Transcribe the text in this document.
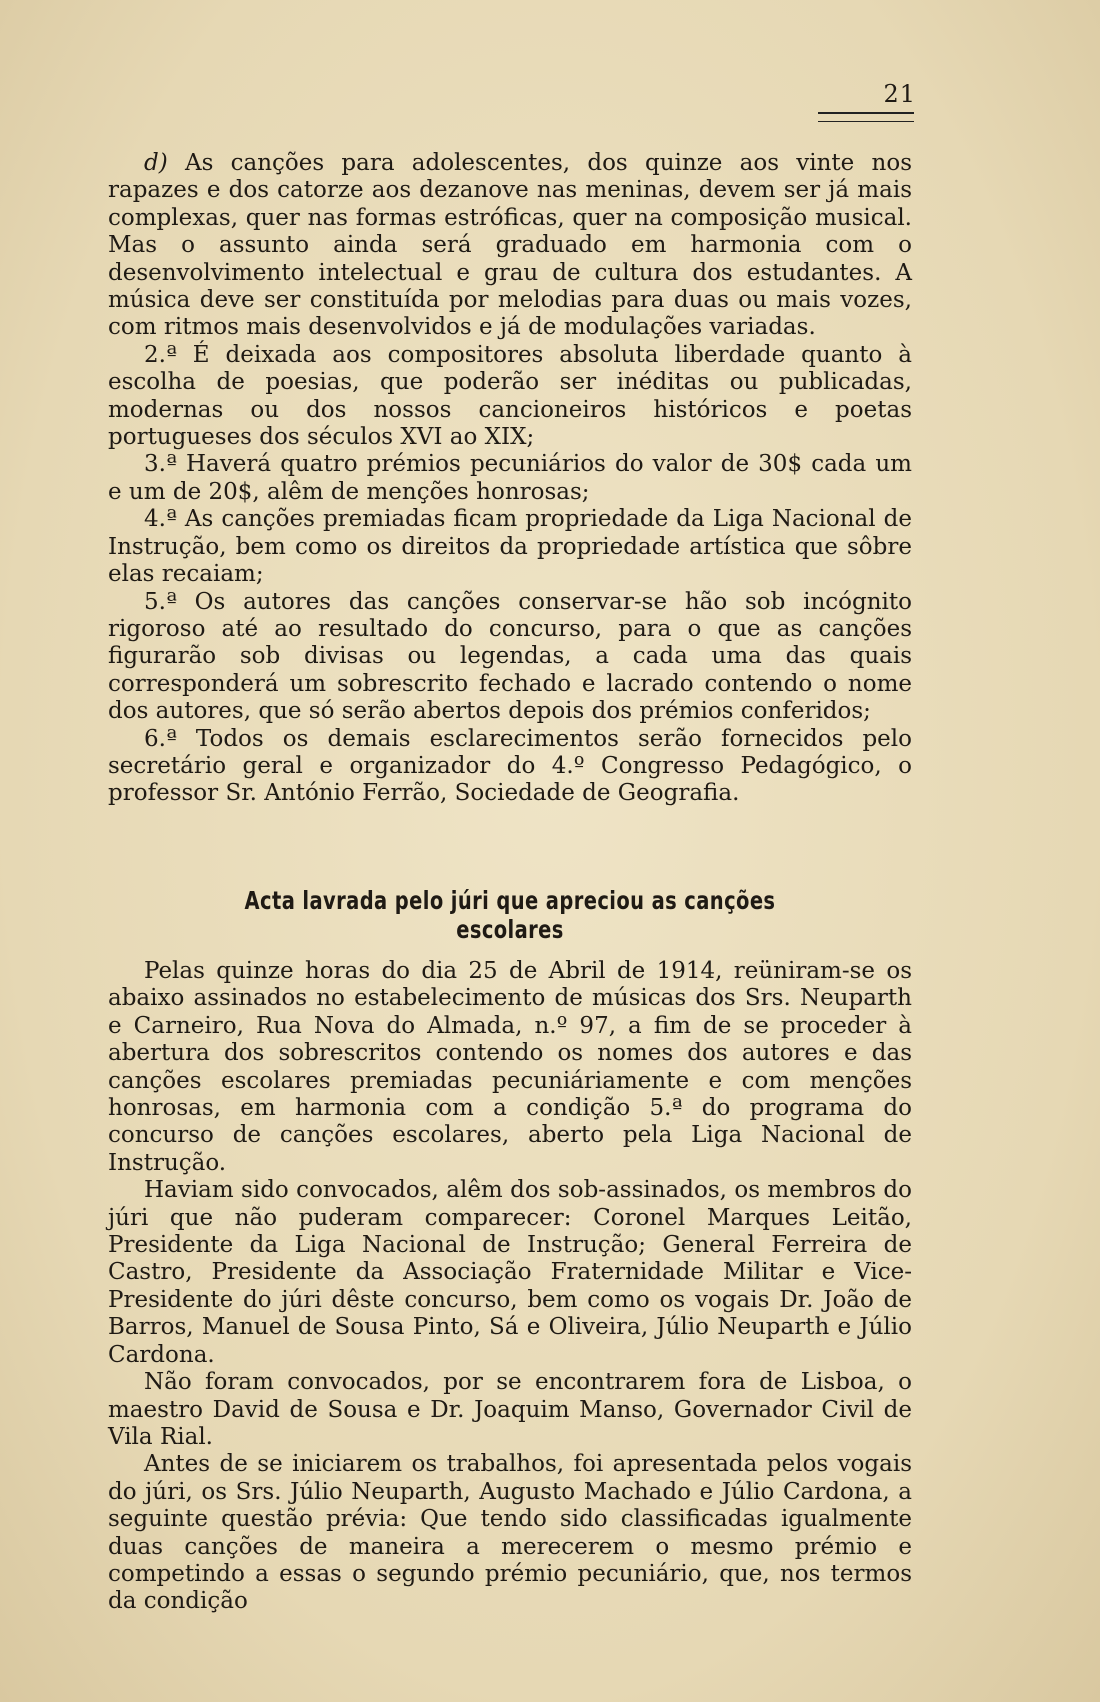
21

d) As canções para adolescentes, dos quinze aos vinte nos rapazes e dos catorze aos dezanove nas meninas, devem ser já mais complexas, quer nas formas estróficas, quer na composição musical. Mas o assunto ainda será graduado em harmonia com o desenvolvimento intelectual e grau de cultura dos estudantes. A música deve ser constituída por melodias para duas ou mais vozes, com ritmos mais desenvolvidos e já de modulações variadas.

2.ª É deixada aos compositores absoluta liberdade quanto à escolha de poesias, que poderão ser inéditas ou publicadas, modernas ou dos nossos cancioneiros históricos e poetas portugueses dos séculos XVI ao XIX;

3.ª Haverá quatro prémios pecuniários do valor de 30$ cada um e um de 20$, alêm de menções honrosas;

4.ª As canções premiadas ficam propriedade da Liga Nacional de Instrução, bem como os direitos da propriedade artística que sôbre elas recaiam;

5.ª Os autores das canções conservar-se hão sob incógnito rigoroso até ao resultado do concurso, para o que as canções figurarão sob divisas ou legendas, a cada uma das quais corresponderá um sobrescrito fechado e lacrado contendo o nome dos autores, que só serão abertos depois dos prémios conferidos;

6.ª Todos os demais esclarecimentos serão fornecidos pelo secretário geral e organizador do 4.º Congresso Pedagógico, o professor Sr. António Ferrão, Sociedade de Geografia.

Acta lavrada pelo júri que apreciou as canções escolares

Pelas quinze horas do dia 25 de Abril de 1914, reüniram-se os abaixo assinados no estabelecimento de músicas dos Srs. Neuparth e Carneiro, Rua Nova do Almada, n.º 97, a fim de se proceder à abertura dos sobrescritos contendo os nomes dos autores e das canções escolares premiadas pecuniáriamente e com menções honrosas, em harmonia com a condição 5.ª do programa do concurso de canções escolares, aberto pela Liga Nacional de Instrução.

Haviam sido convocados, alêm dos sob-assinados, os membros do júri que não puderam comparecer: Coronel Marques Leitão, Presidente da Liga Nacional de Instrução; General Ferreira de Castro, Presidente da Associação Fraternidade Militar e Vice-Presidente do júri dêste concurso, bem como os vogais Dr. João de Barros, Manuel de Sousa Pinto, Sá e Oliveira, Júlio Neuparth e Júlio Cardona.

Não foram convocados, por se encontrarem fora de Lisboa, o maestro David de Sousa e Dr. Joaquim Manso, Governador Civil de Vila Rial.

Antes de se iniciarem os trabalhos, foi apresentada pelos vogais do júri, os Srs. Júlio Neuparth, Augusto Machado e Júlio Cardona, a seguinte questão prévia: Que tendo sido classificadas igualmente duas canções de maneira a merecerem o mesmo prémio e competindo a essas o segundo prémio pecuniário, que, nos termos da condição
